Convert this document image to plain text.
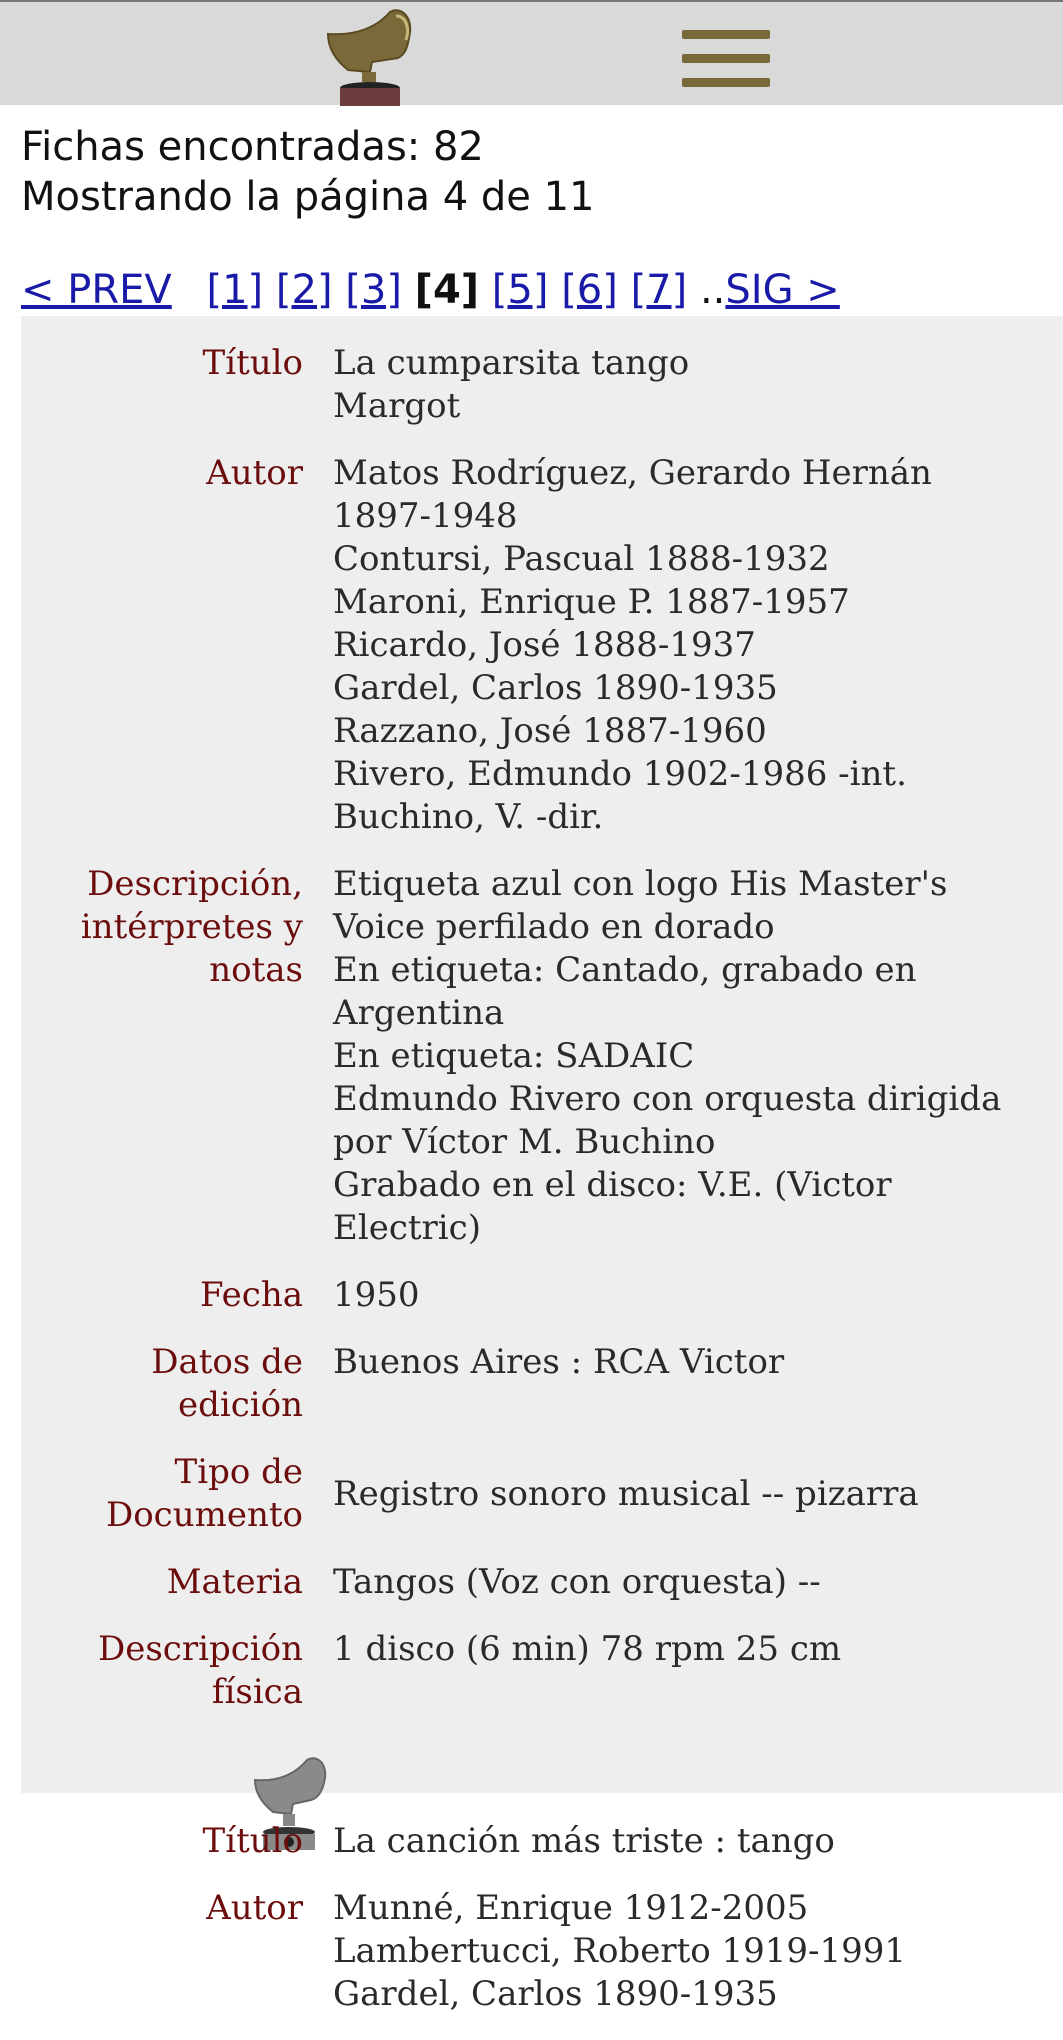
Fichas encontradas: 82
Mostrando la página 4 de 11
< PREV [1] [2] [3] [4] [5] [6] [7] ..SIG >
Título La cumparsita tango
Margot
Autor Matos Rodríguez, Gerardo Hernán 1897-1948
Contursi, Pascual 1888-1932
Maroni, Enrique P. 1887-1957
Ricardo, José 1888-1937
Gardel, Carlos 1890-1935
Razzano, José 1887-1960
Rivero, Edmundo 1902-1986 -int.
Buchino, V. -dir.
Descripción, intérpretes y notas
Etiqueta azul con logo His Master's Voice perfilado en dorado
En etiqueta: Cantado, grabado en Argentina
En etiqueta: SADAIC
Edmundo Rivero con orquesta dirigida por Víctor M. Buchino
Grabado en el disco: V.E. (Victor Electric)
Fecha 1950
Datos de edición
Buenos Aires : RCA Victor
Tipo de Documento
Registro sonoro musical -- pizarra
Materia Tangos (Voz con orquesta) --
Descripción física
1 disco (6 min) 78 rpm 25 cm
Título La canción más triste : tango
Autor Munné, Enrique 1912-2005
Lambertucci, Roberto 1919-1991
Gardel, Carlos 1890-1935
